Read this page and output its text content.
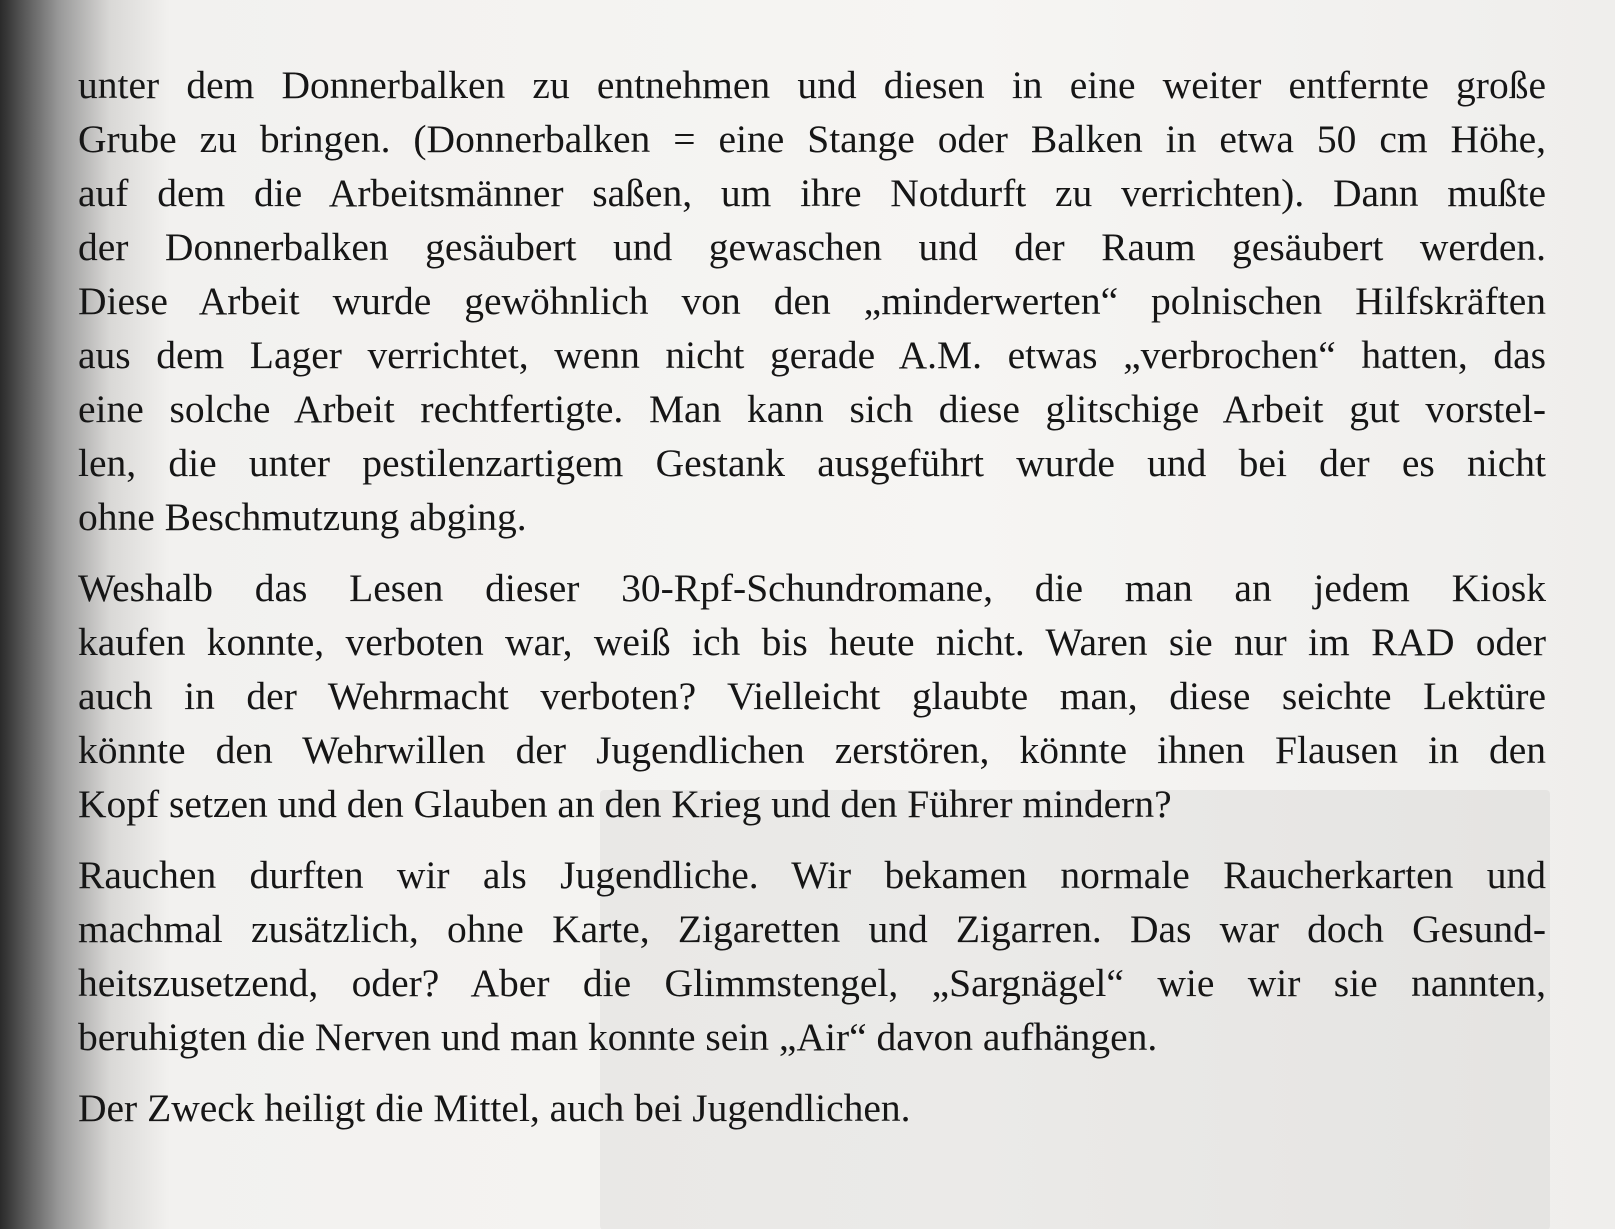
unter dem Donnerbalken zu entnehmen und diesen in eine weiter entfernte große
Grube zu bringen. (Donnerbalken = eine Stange oder Balken in etwa 50 cm Höhe,
auf dem die Arbeitsmänner saßen, um ihre Notdurft zu verrichten). Dann mußte
der Donnerbalken gesäubert und gewaschen und der Raum gesäubert werden.
Diese Arbeit wurde gewöhnlich von den „minderwerten“ polnischen Hilfskräften
aus dem Lager verrichtet, wenn nicht gerade A.M. etwas „verbrochen“ hatten, das
eine solche Arbeit rechtfertigte. Man kann sich diese glitschige Arbeit gut vorstel-
len, die unter pestilenzartigem Gestank ausgeführt wurde und bei der es nicht
ohne Beschmutzung abging.
Weshalb das Lesen dieser 30-Rpf-Schundromane, die man an jedem Kiosk
kaufen konnte, verboten war, weiß ich bis heute nicht. Waren sie nur im RAD oder
auch in der Wehrmacht verboten? Vielleicht glaubte man, diese seichte Lektüre
könnte den Wehrwillen der Jugendlichen zerstören, könnte ihnen Flausen in den
Kopf setzen und den Glauben an den Krieg und den Führer mindern?
Rauchen durften wir als Jugendliche. Wir bekamen normale Raucherkarten und
machmal zusätzlich, ohne Karte, Zigaretten und Zigarren. Das war doch Gesund-
heitszusetzend, oder? Aber die Glimmstengel, „Sargnägel“ wie wir sie nannten,
beruhigten die Nerven und man konnte sein „Air“ davon aufhängen.
Der Zweck heiligt die Mittel, auch bei Jugendlichen.
